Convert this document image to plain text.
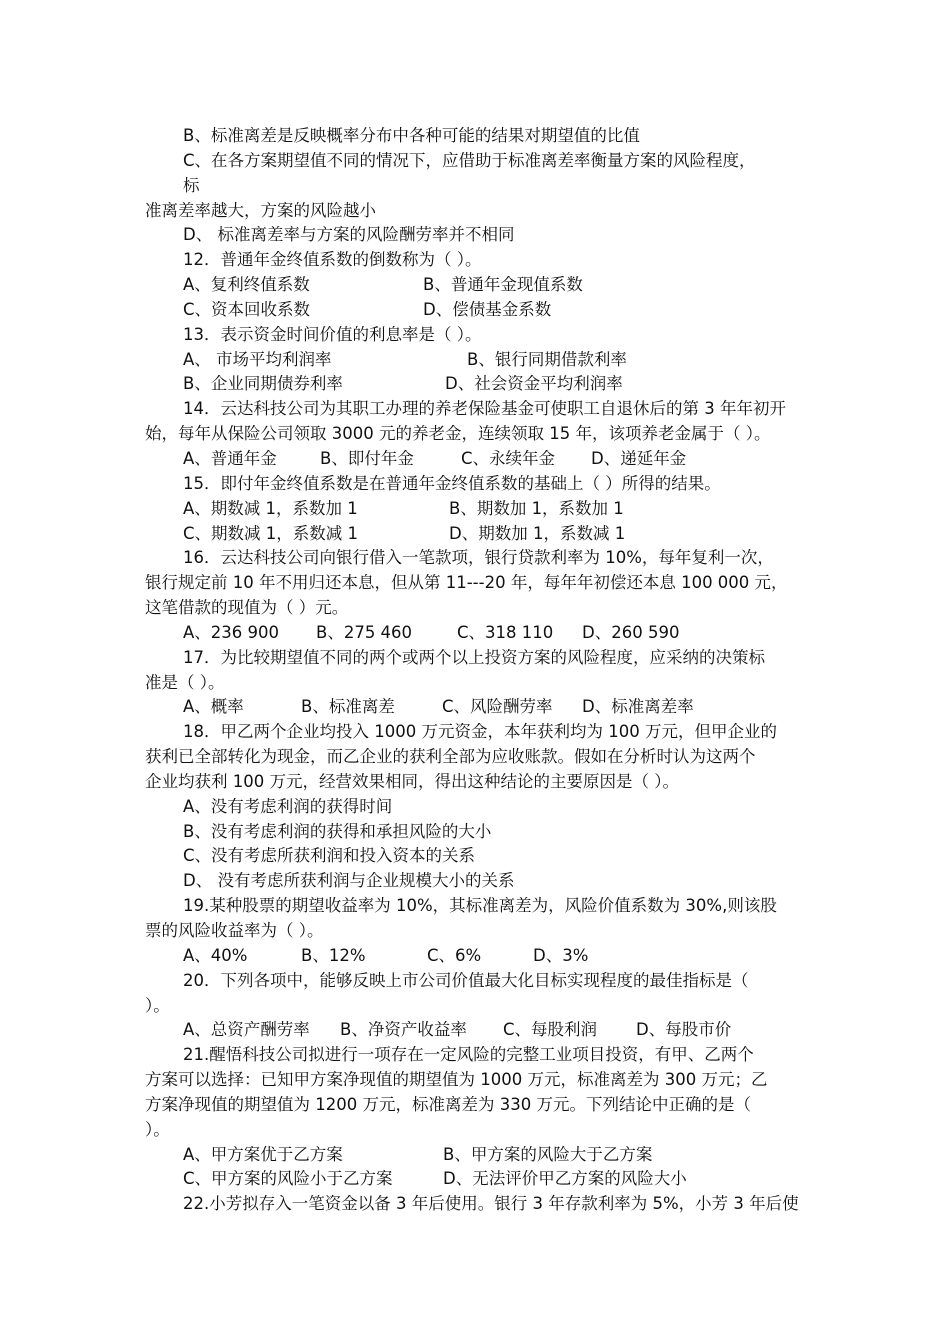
B、标准离差是反映概率分布中各种可能的结果对期望值的比值
C、在各方案期望值不同的情况下，应借助于标准离差率衡量方案的风险程度，
标
准离差率越大，方案的风险越小
D、 标准离差率与方案的风险酬劳率并不相同
12．普通年金终值系数的倒数称为（ ）。
A、复利终值系数	B、普通年金现值系数
C、资本回收系数	D、偿债基金系数
13．表示资金时间价值的利息率是（ ）。
A、 市场平均利润率	B、银行同期借款利率
B、企业同期债券利率	D、社会资金平均利润率
14．云达科技公司为其职工办理的养老保险基金可使职工自退休后的第 3 年年初开
始，每年从保险公司领取 3000 元的养老金，连续领取 15 年，该项养老金属于（ ）。
A、普通年金	B、即付年金	C、永续年金	D、递延年金
15．即付年金终值系数是在普通年金终值系数的基础上（ ）所得的结果。
A、期数减 1，系数加 1	B、期数加 1，系数加 1
C、期数减 1，系数减 1	D、期数加 1，系数减 1
16．云达科技公司向银行借入一笔款项，银行贷款利率为 10%，每年复利一次，
银行规定前 10 年不用归还本息，但从第 11---20 年，每年年初偿还本息 100 000 元，
这笔借款的现值为（ ）元。
A、236 900	B、275 460	C、318 110	D、260 590
17．为比较期望值不同的两个或两个以上投资方案的风险程度，应采纳的决策标
准是（ ）。
A、概率	B、标准离差	C、风险酬劳率	D、标准离差率
18．甲乙两个企业均投入 1000 万元资金，本年获利均为 100 万元，但甲企业的
获利已全部转化为现金，而乙企业的获利全部为应收账款。假如在分析时认为这两个
企业均获利 100 万元，经营效果相同，得出这种结论的主要原因是（ ）。
A、没有考虑利润的获得时间
B、没有考虑利润的获得和承担风险的大小
C、没有考虑所获利润和投入资本的关系
D、 没有考虑所获利润与企业规模大小的关系
19.某种股票的期望收益率为 10%，其标准离差为，风险价值系数为 30%,则该股
票的风险收益率为（ ）。
A、40%	B、12%	C、6%	D、3%
20．下列各项中，能够反映上市公司价值最大化目标实现程度的最佳指标是（
）。
A、总资产酬劳率	B、净资产收益率	C、每股利润	D、每股市价
21.醒悟科技公司拟进行一项存在一定风险的完整工业项目投资，有甲、乙两个
方案可以选择：已知甲方案净现值的期望值为 1000 万元，标准离差为 300 万元；乙
方案净现值的期望值为 1200 万元，标准离差为 330 万元。下列结论中正确的是（
）。
A、甲方案优于乙方案	B、甲方案的风险大于乙方案
C、甲方案的风险小于乙方案	D、无法评价甲乙方案的风险大小
22.小芳拟存入一笔资金以备 3 年后使用。银行 3 年存款利率为 5%，小芳 3 年后使
